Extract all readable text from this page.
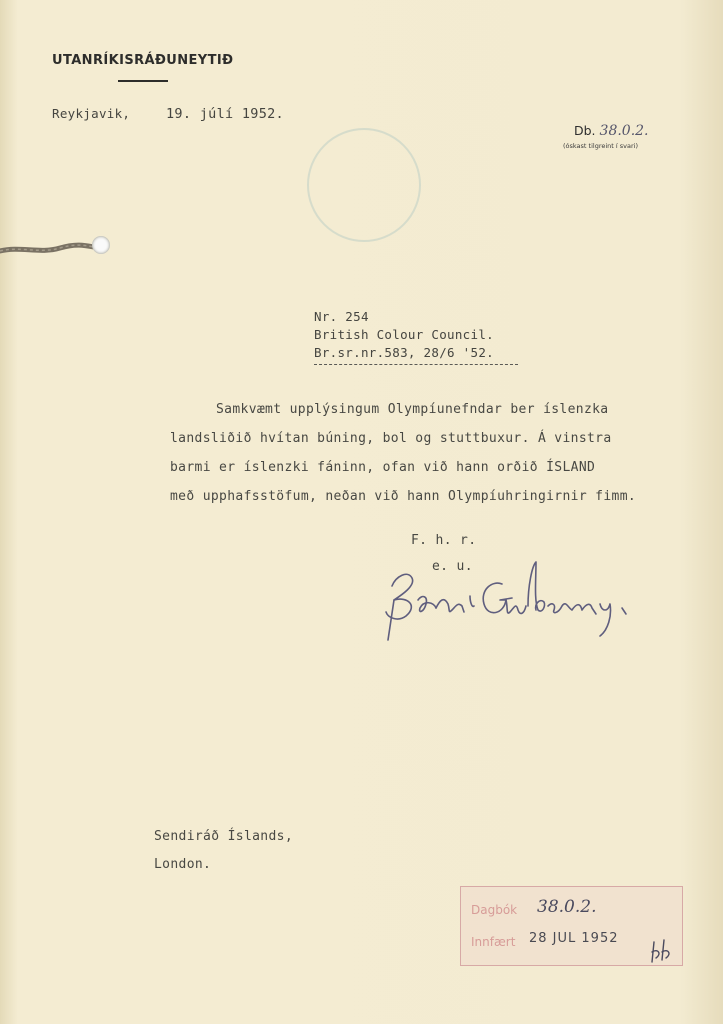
UTANRÍKISRÁÐUNEYTIÐ
Reykjavik,	19. júlí 1952.
Db. 38.0.2.
(óskast tilgreint í svari)
Nr. 254
British Colour Council.
Br.sr.nr.583, 28/6 '52.
Samkvæmt upplýsingum Olympíunefndar ber íslenzka
landsliðið hvítan búning, bol og stuttbuxur. Á vinstra
barmi er íslenzki fáninn, ofan við hann orðið ÍSLAND
með upphafsstöfum, neðan við hann Olympíuhringirnir fimm.
F. h. r.
e. u.
Sendiráð Íslands,
London.
Dagbók 38.0.2.
Innfært 28 JUL 1952
